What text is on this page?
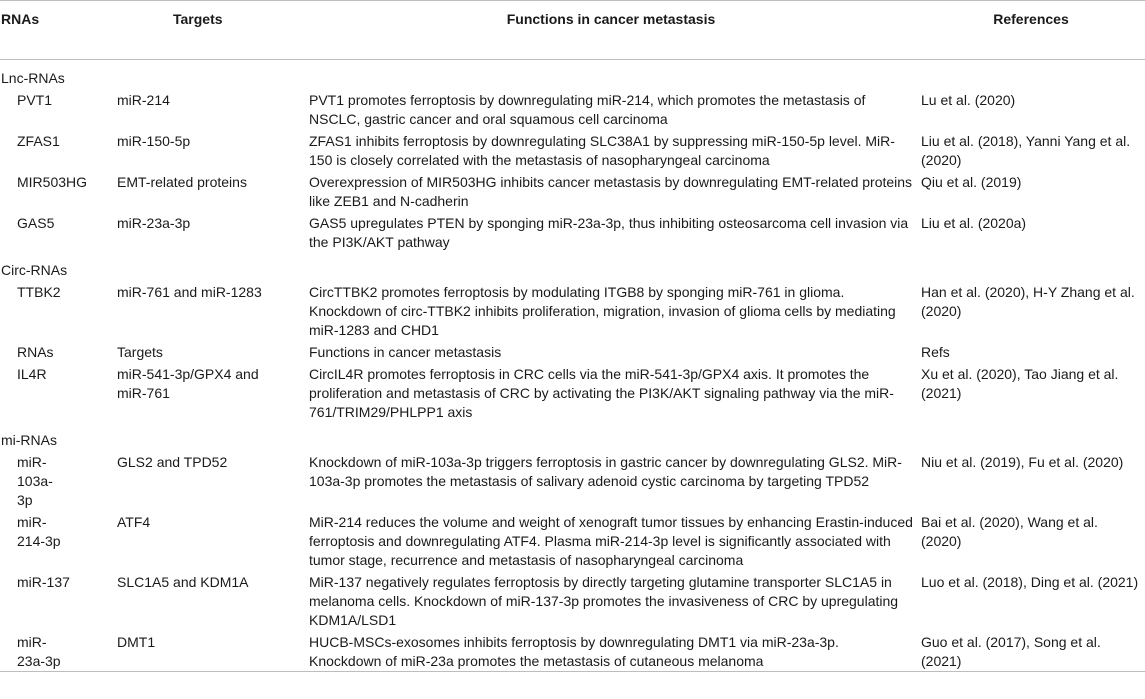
RNAs	Targets	Functions in cancer metastasis	References
Lnc-RNAs			
PVT1	miR-214	PVT1 promotes ferroptosis by downregulating miR-214, which promotes the metastasis of NSCLC, gastric cancer and oral squamous cell carcinoma	Lu et al. (2020)
ZFAS1	miR-150-5p	ZFAS1 inhibits ferroptosis by downregulating SLC38A1 by suppressing miR-150-5p level. MiR-150 is closely correlated with the metastasis of nasopharyngeal carcinoma	Liu et al. (2018), Yanni Yang et al. (2020)
MIR503HG	EMT-related proteins	Overexpression of MIR503HG inhibits cancer metastasis by downregulating EMT-related proteins like ZEB1 and N-cadherin	Qiu et al. (2019)
GAS5	miR-23a-3p	GAS5 upregulates PTEN by sponging miR-23a-3p, thus inhibiting osteosarcoma cell invasion via the PI3K/AKT pathway	Liu et al. (2020a)
Circ-RNAs			
TTBK2	miR-761 and miR-1283	CircTTBK2 promotes ferroptosis by modulating ITGB8 by sponging miR-761 in glioma. Knockdown of circ-TTBK2 inhibits proliferation, migration, invasion of glioma cells by mediating miR-1283 and CHD1	Han et al. (2020), H-Y Zhang et al. (2020)
RNAs	Targets	Functions in cancer metastasis	Refs
IL4R	miR-541-3p/GPX4 and miR-761	CircIL4R promotes ferroptosis in CRC cells via the miR-541-3p/GPX4 axis. It promotes the proliferation and metastasis of CRC by activating the PI3K/AKT signaling pathway via the miR-761/TRIM29/PHLPP1 axis	Xu et al. (2020), Tao Jiang et al. (2021)
mi-RNAs			

miR-103a-3p	GLS2 and TPD52	Knockdown of miR-103a-3p triggers ferroptosis in gastric cancer by downregulating GLS2. MiR-103a-3p promotes the metastasis of salivary adenoid cystic carcinoma by targeting TPD52	Niu et al. (2019), Fu et al. (2020)

miR-214-3p	ATF4	MiR-214 reduces the volume and weight of xenograft tumor tissues by enhancing Erastin-induced ferroptosis and downregulating ATF4. Plasma miR-214-3p level is significantly associated with tumor stage, recurrence and metastasis of nasopharyngeal carcinoma	Bai et al. (2020), Wang et al. (2020)
miR-137	SLC1A5 and KDM1A	MiR-137 negatively regulates ferroptosis by directly targeting glutamine transporter SLC1A5 in melanoma cells. Knockdown of miR-137-3p promotes the invasiveness of CRC by upregulating KDM1A/LSD1	Luo et al. (2018), Ding et al. (2021)

miR-23a-3p	DMT1	HUCB-MSCs-exosomes inhibits ferroptosis by downregulating DMT1 via miR-23a-3p. Knockdown of miR-23a promotes the metastasis of cutaneous melanoma	Guo et al. (2017), Song et al. (2021)
